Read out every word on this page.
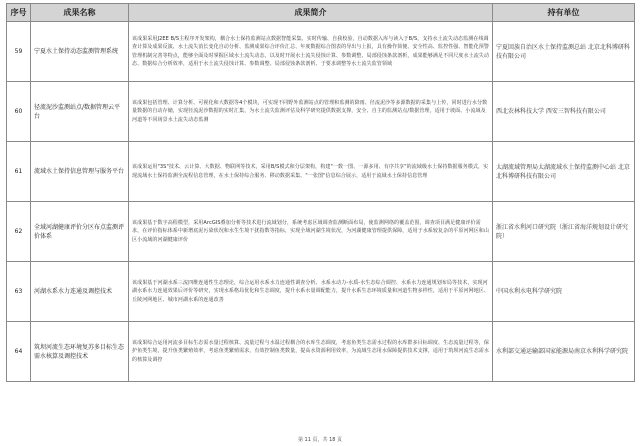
序号	成果名称	成果简介	持有单位
59	宁夏水土保持动态监测管理系统	该成果采用J2EE B/S主程序开发架构，耦合水土保持监测站点数据智能采集、实时传输、自我校验，自动数据入库与读入于B/S，支持水土流失动态监测在线调查计算及成果反演、水土流失消长变化自动分析、监测成果综合评价汇总、年度数据综合图表的导出与上报，具有操作简便、安全性高、监控性强、智能化预警管理机制完善等特点，能够全面及时掌握区域水土流失动态，以及时开展水土流失侵蚀计算、参数调整、局部侵蚀条款剖析，成果能够满足不同尺度水土流失动态、数据综合分析效率，适用于水土流失侵蚀计算、参数调整、局部侵蚀条款剖析、于要求调整等水土流失监管领域	宁夏回族自治区水土保持监测总站 北京北科博研科技有限公司
60	径流泥沙监测站点/数据管理云平台	该成果包括管理、计算分析、可视化和大数据等4个模块，可实现不同野外监测站点的管理和监测的降雨、径流泥沙等多源数据的采集与上传，同时进行水分数量数据的自动存储，实现径流泥沙数据的实时汇集，为水土流失监测评估及科学研究提供数据支撑，安全、自主的监测站点/数据管理，适用于坡面、小流域及河道等不同场景水土流失动态监测	西北农林科技大学 西安三智科技有限公司
61	流域水土保持信息管理与服务平台	该成果运用"3S"技术、云计算、大数据、物联网等技术，采用B/S模式和分层架构，构建"一数一图、一源多用、有序共享"的流域级水土保持数据服务模式，实现流域水土保持监测全流程信息管理，在水土保持综合服务、移动数据采集、"一张图"信息综合展示，适用于流域水土保持信息管理	太湖流域管理局太湖流域水土保持监测中心站 北京北科博研科技有限公司
62	全域河湖健康评价分区布点监测评价体系	该成果基于数字高程模型，采用ArcGIS叠加分析等技术进行流域划分，系统考虑区域调查监测断面布局，使监测网络的覆盖范围，调查项目满足健康评价需求，在评价指标体系中新增底泥污染状况和水生生境干扰指数等指标，实现全域河湖生境状况，为河湖健康管理提供保障，适用于水系较复杂的平原河网区和山区小流域的河湖健康评价	浙江省水利河口研究院（浙江省海洋规划设计研究院）
63	河湖水系水力连通及调控技术	该成果基于河湖水系三流四维连通性生态理论，综合运用水系水力连通性调查分析、水系水动力-水质-水生态综合调控、水系水力连通规划布局等技术，实现河湖水系水力连通效果后评价等研究，实现水系格局优化和生态调度，提升水系水量调配能力，提升水系生态环境质量和河道生物多样性，适用于平原河网地区、丘陵河网地区、城市河湖水系的连通改善	中国水利水电科学研究院
64	筑坝河流生态环境复苏多目标生态需水核算及调控技术	该成果综合运用河流多目标生态需水量过程核算、流量过程与水温过程耦合的水库生态调度，考虑鱼类生态需水过程的水库群多目标调度、生态流量过程等，保护鱼类生境，提升鱼类繁殖效率，考虑鱼类繁殖需求，有效控制鱼类数量，提高水资源利用效率，为流域生态用水保障提供技术支撑，适用于筑坝河流生态需水的核算及调控	水利部交通运输部国家能源局南京水利科学研究院
第 11 页，共 18 页
